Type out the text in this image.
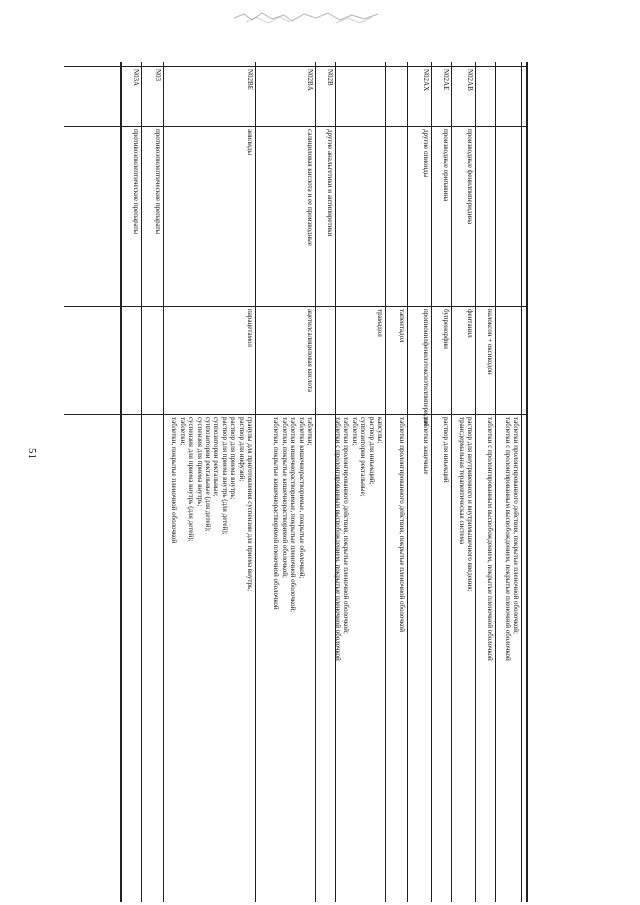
51	таблетки пролонгированного действия, покрытые пленочной оболочкой;
таблетки с пролонгированным высвобождением, покрытые пленочной оболочкой
налоксон + оксикодон
таблетки с пролонгированным высвобождением, покрытые пленочной оболочкой
N02AB
производные фенилпиперидина
фентанил
раствор для внутривенного и внутримышечного введения;
трансдермальная терапевтическая система
N02AE
производные орипавина
бупренорфин
раствор для инъекций
N02AX
другие опиоиды
пропионилфенилэтоксиэтилпиперидин
таблетки защечные
тапентадол
таблетки пролонгированного действия, покрытые пленочной оболочкой
трамадол
капсулы;
раствор для инъекций;
суппозитории ректальные;
таблетки;
таблетки пролонгированного действия, покрытые пленочной оболочкой;
таблетки с пролонгированным высвобождением, покрытые пленочной оболочкой
N02B
другие анальгетики и антипиретики
N02BA
салициловая кислота и ее производные
ацетилсалициловая кислота
таблетки;
таблетки кишечнорастворимые, покрытые оболочкой;
таблетки кишечнорастворимые, покрытые пленочной оболочкой;
таблетки, покрытые кишечнорастворимой оболочкой;
таблетки, покрытые кишечнорастворимой пленочной оболочкой
N02BE
анилиды
парацетамол
гранулы для приготовления суспензии для приема внутрь;
раствор для инфузий;
раствор для приема внутрь;
раствор для приема внутрь (для детей);
суппозитории ректальные;
суппозитории ректальные (для детей);
суспензия для приема внутрь;
суспензия для приема внутрь (для детей);
таблетки;
таблетки, покрытые пленочной оболочкой
N03
противоэпилептические препараты
N03A
противоэпилептические препараты
